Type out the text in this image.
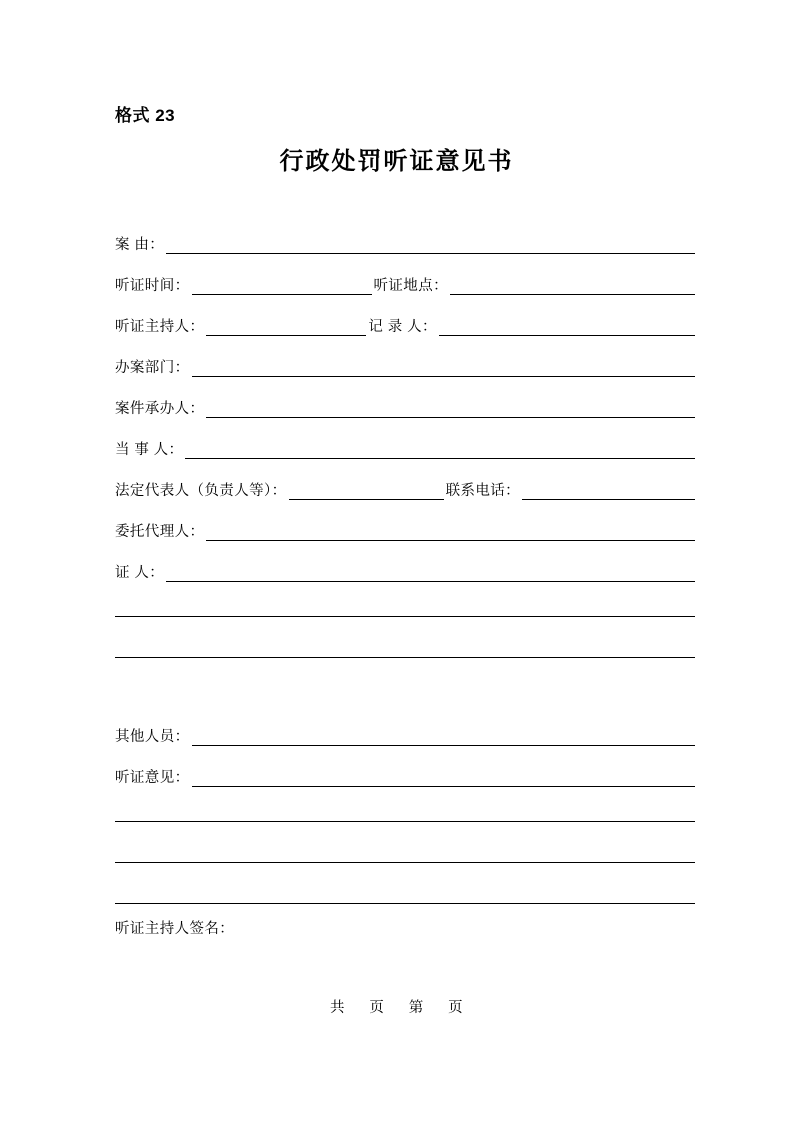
格式 23
行政处罚听证意见书
案 由：
听证时间：	听证地点：
听证主持人：	记 录 人：
办案部门：
案件承办人：
当 事 人：
法定代表人（负责人等）：	联系电话：
委托代理人：
证 人：
其他人员：
听证意见：
听证主持人签名：
共 页 第 页
